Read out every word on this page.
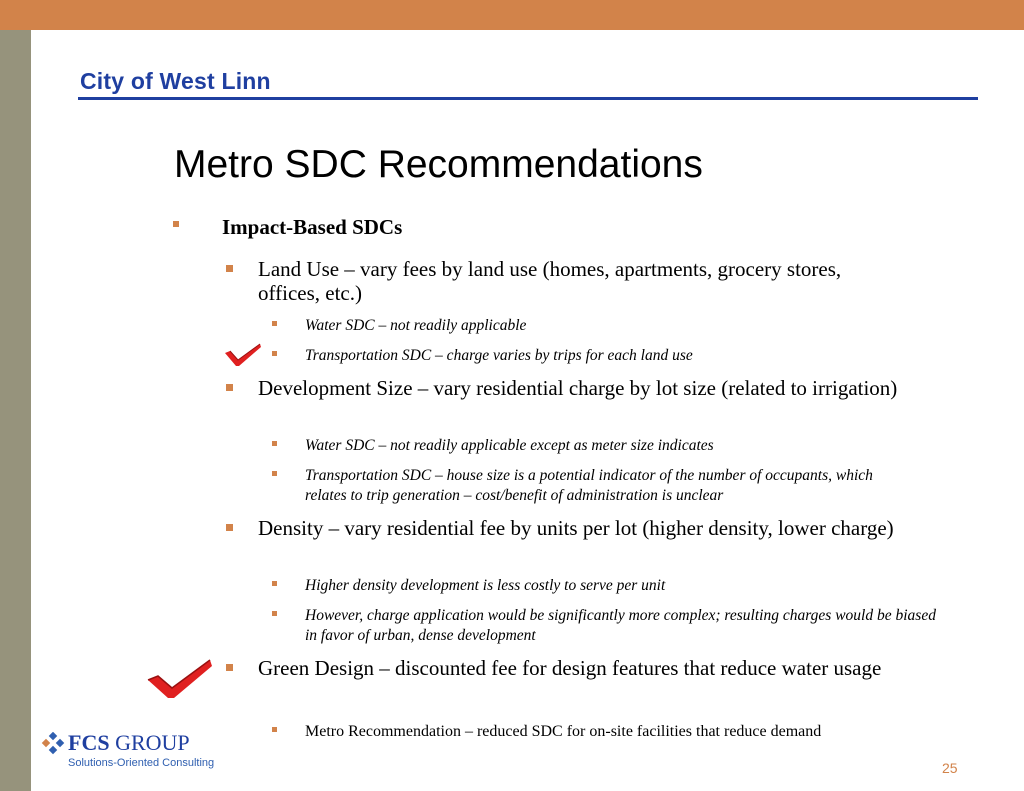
City of West Linn
Metro SDC Recommendations
Impact-Based SDCs
Land Use – vary fees by land use (homes, apartments, grocery stores, offices, etc.)
Water SDC – not readily applicable
Transportation SDC – charge varies by trips for each land use
Development Size – vary residential charge by lot size (related to irrigation)
Water SDC – not readily applicable except as meter size indicates
Transportation SDC – house size is a potential indicator of the number of occupants, which relates to trip generation – cost/benefit of administration is unclear
Density – vary residential fee by units per lot (higher density, lower charge)
Higher density development is less costly to serve per unit
However, charge application would be significantly more complex; resulting charges would be biased in favor of urban, dense development
Green Design – discounted fee for design features that reduce water usage
Metro Recommendation – reduced SDC for on-site facilities that reduce demand
FCS GROUP
Solutions-Oriented Consulting	25
